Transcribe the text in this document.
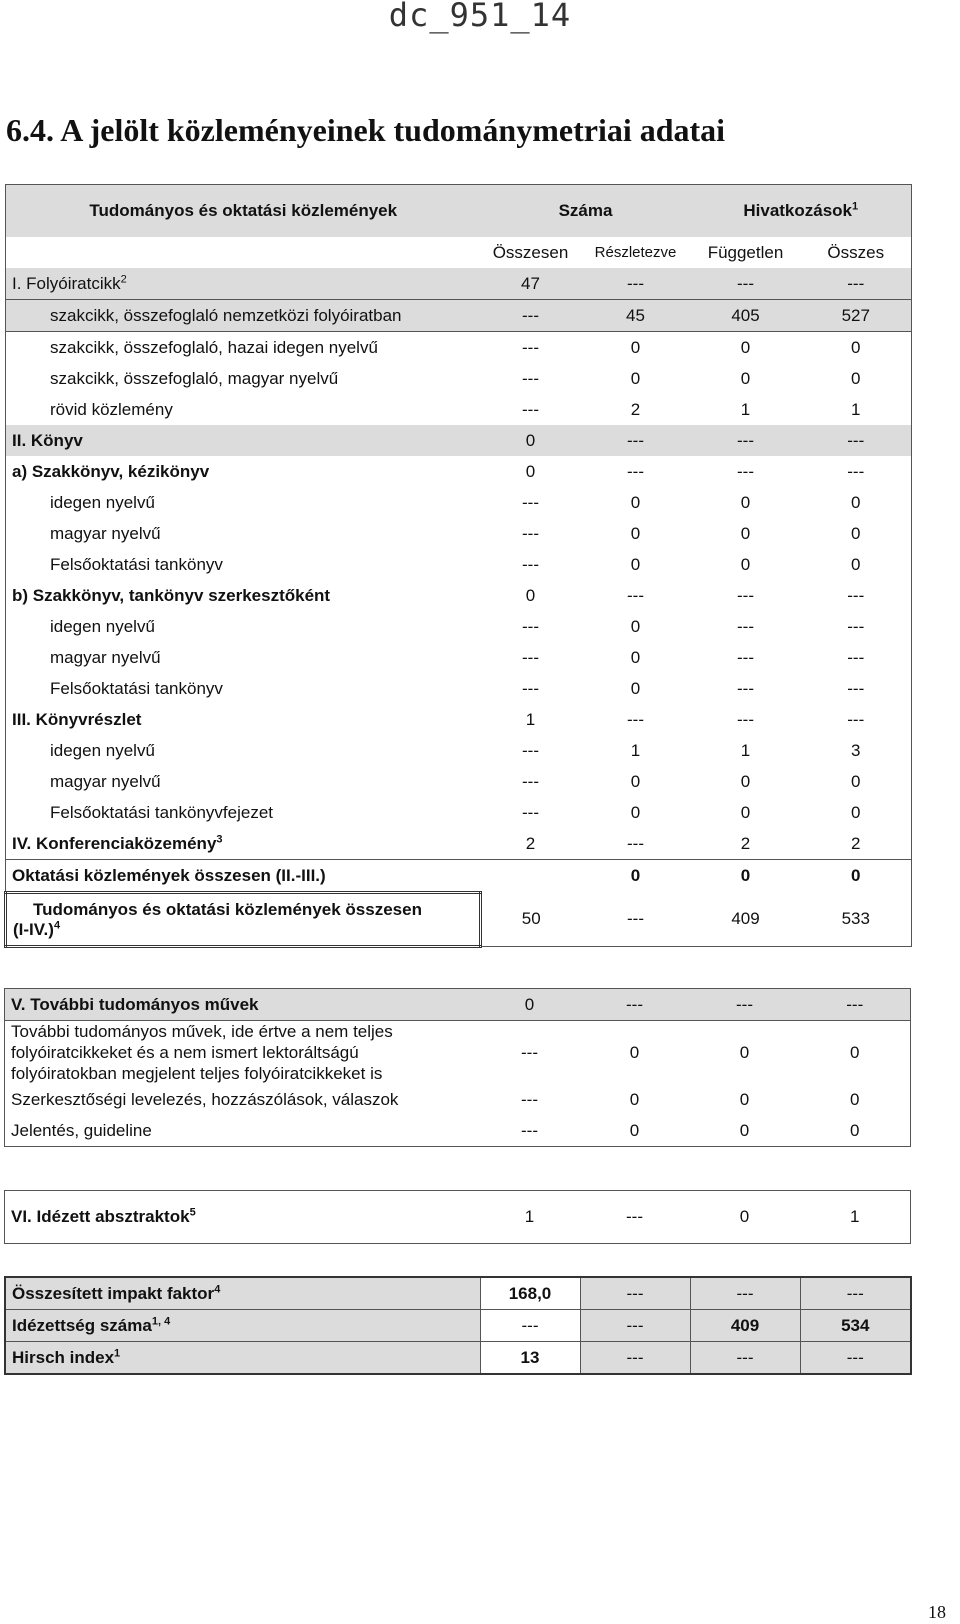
dc_951_14
6.4. A jelölt közleményeinek tudománymetriai adatai
Tudományos és oktatási közlemények	Száma		Hivatkozások$^1$
	Összesen	Részletezve	Független	Összes
I. Folyóiratcikk$^2$	47	---	---	---
szakcikk, összefoglaló nemzetközi folyóiratban	---	45	405	527
szakcikk, összefoglaló, hazai idegen nyelvű	---	0	0	0
szakcikk, összefoglaló, magyar nyelvű	---	0	0	0
rövid közlemény	---	2	1	1
II. Könyv	0	---	---	---
a) Szakkönyv, kézikönyv	0	---	---	---
idegen nyelvű	---	0	0	0
magyar nyelvű	---	0	0	0
Felsőoktatási tankönyv	---	0	0	0
b) Szakkönyv, tankönyv szerkesztőként	0	---	---	---
idegen nyelvű	---	0	---	---
magyar nyelvű	---	0	---	---
Felsőoktatási tankönyv	---	0	---	---
III. Könyvrészlet	1	---	---	---
idegen nyelvű	---	1	1	3
magyar nyelvű	---	0	0	0
Felsőoktatási tankönyvfejezet	---	0	0	0
IV. Konferenciaközemény$^3$	2	---	2	2
Oktatási közlemények összesen (II.-III.)		0	0	0
Tudományos és oktatási közlemények összesen
$(I-IV.)^4$	50	---	409	533
V. További tudományos művek	0	---	---	---
További tudományos művek, ide értve a nem teljes
folyóiratcikkeket és a nem ismert lektoráltságú
folyóiratokban megjelent teljes folyóiratcikkeket is	---	0	0	0
Szerkesztőségi levelezés, hozzászólások, válaszok	---	0	0	0
Jelentés, guideline	---	0	0	0
VI. Idézett absztraktok$^5$	1	---	0	1
Összesített impakt faktor$^4$	168,0	---	---	---
Idézettség száma$^{1, 4}$	---	---	409	534
Hirsch index$^1$	13	---	---	---
18
